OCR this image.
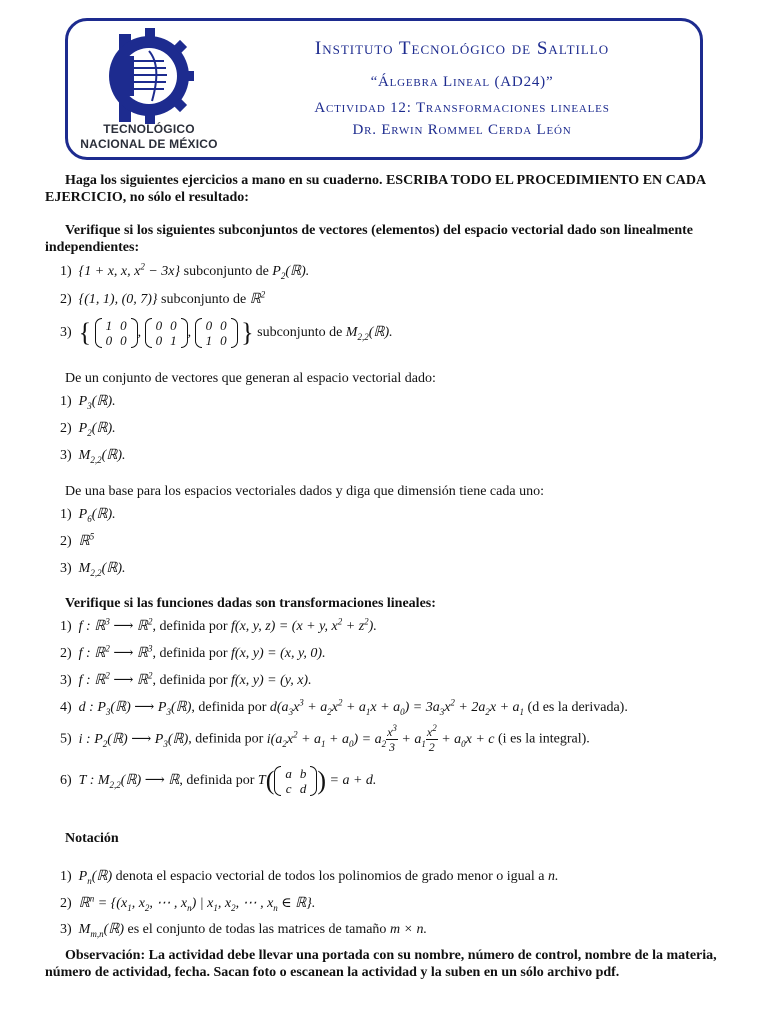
TECNOLÓGICO
NACIONAL DE MÉXICO
Instituto Tecnológico de Saltillo
“Álgebra Lineal (AD24)”
Actividad 12: Transformaciones lineales
Dr. Erwin Rommel Cerda León
Haga los siguientes ejercicios a mano en su cuaderno. ESCRIBA TODO EL PROCEDIMIENTO EN CADA EJERCICIO, no sólo el resultado:
Verifique si los siguientes subconjuntos de vectores (elementos) del espacio vectorial dado son linealmente independientes:
1)  {1 + x, x, $x^2 - 3x$} subconjunto de $P_2(ℝ)$.
2)  {(1, 1), (0, 7)} subconjunto de ℝ$^2$
3)  { 1	0
0	0
, 0	0
0	1
, 0	0
1	0 } subconjunto de $M_{2,2}(ℝ)$.
De un conjunto de vectores que generan al espacio vectorial dado:
1)  $P_3(ℝ)$.
2)  $P_2(ℝ)$.
3)  $M_{2,2}(ℝ)$.
De una base para los espacios vectoriales dados y diga que dimensión tiene cada uno:
1)  $P_6(ℝ)$.
2)  ℝ$^5$
3)  $M_{2,2}(ℝ)$.
Verifique si las funciones dadas son transformaciones lineales:
1)  f : ℝ$^3$ ⟶ ℝ$^2$, definida por f(x, y, z) = (x + y, $x^2 + z^2$).
2)  f : ℝ$^2$ ⟶ ℝ$^3$, definida por f(x, y) = (x, y, 0).
3)  f : ℝ$^2$ ⟶ ℝ$^2$, definida por f(x, y) = (y, x).
4)  d : $P_3(ℝ)$ ⟶ $P_3(ℝ)$, definida por $d(a_3x^3 + a_2x^2 + a_1x + a_0) = 3a_3x^2 + 2a_2x + a_1$ (d es la derivada).
5)  i : $P_2(ℝ)$ ⟶ $P_3(ℝ)$, definida por $i(a_2x^2 + a_1 + a_0) = a_2 \frac{x^3}{3} + a_1 \frac{x^2}{2} + a_0x + c$ (i es la integral).
6)  T : $M_{2,2}(ℝ)$ ⟶ ℝ, definida por T( a	b
c	d ) = a + d.
Notación
1)  $P_n(ℝ)$ denota el espacio vectorial de todos los polinomios de grado menor o igual a n.
2)  ℝ$^n$ = {($x_1$, $x_2$, ⋯ , $x_n$) | $x_1$, $x_2$, ⋯ , $x_n$ ∈ ℝ}.
3)  $M_{m,n}(ℝ)$ es el conjunto de todas las matrices de tamaño m × n.
Observación: La actividad debe llevar una portada con su nombre, número de control, nombre de la materia, número de actividad, fecha. Sacan foto o escanean la actividad y la suben en un sólo archivo pdf.
